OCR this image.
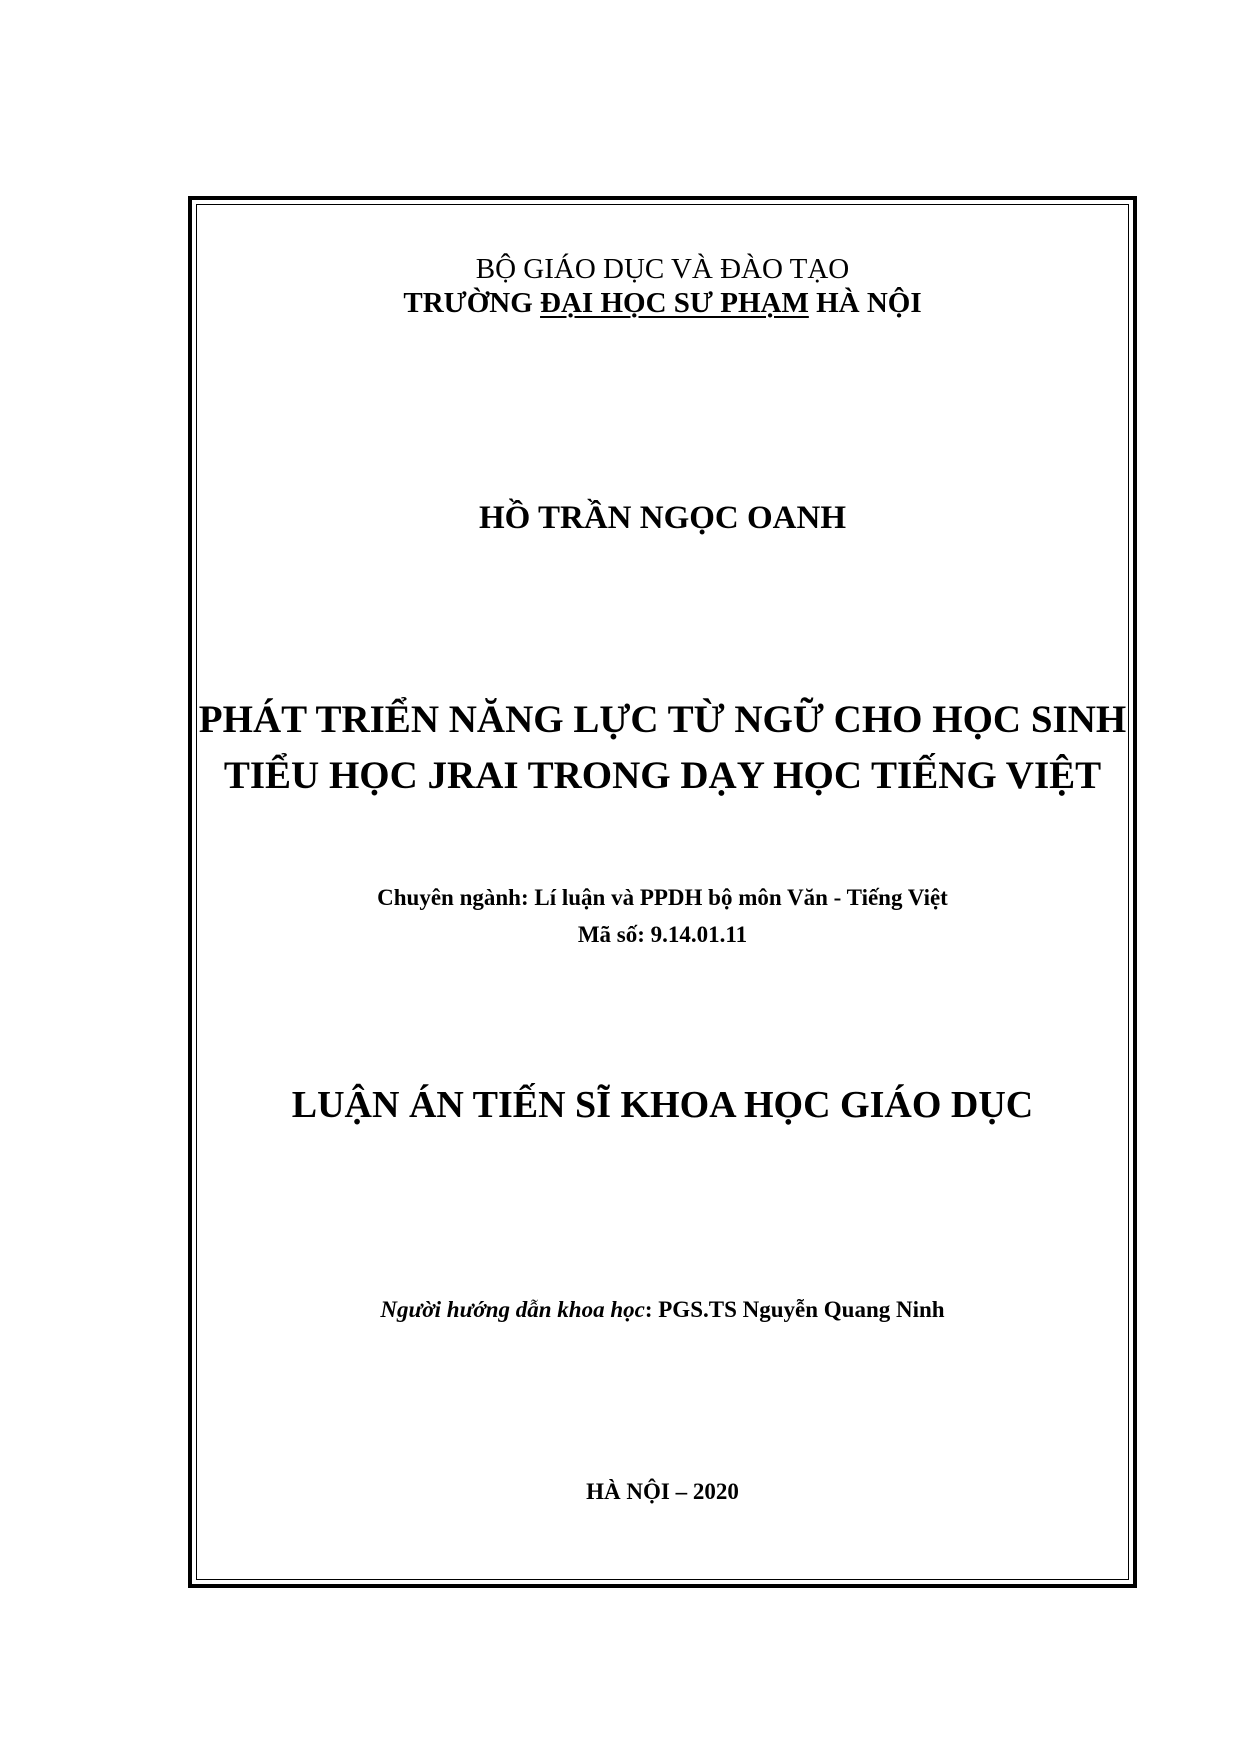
BỘ GIÁO DỤC VÀ ĐÀO TẠO
TRƯỜNG ĐẠI HỌC SƯ PHẠM HÀ NỘI
HỒ TRẦN NGỌC OANH
PHÁT TRIỂN NĂNG LỰC TỪ NGỮ CHO HỌC SINH
TIỂU HỌC JRAI TRONG DẠY HỌC TIẾNG VIỆT
Chuyên ngành: Lí luận và PPDH bộ môn Văn - Tiếng Việt
Mã số: 9.14.01.11
LUẬN ÁN TIẾN SĨ KHOA HỌC GIÁO DỤC
Người hướng dẫn khoa học: PGS.TS Nguyễn Quang Ninh
HÀ NỘI – 2020
